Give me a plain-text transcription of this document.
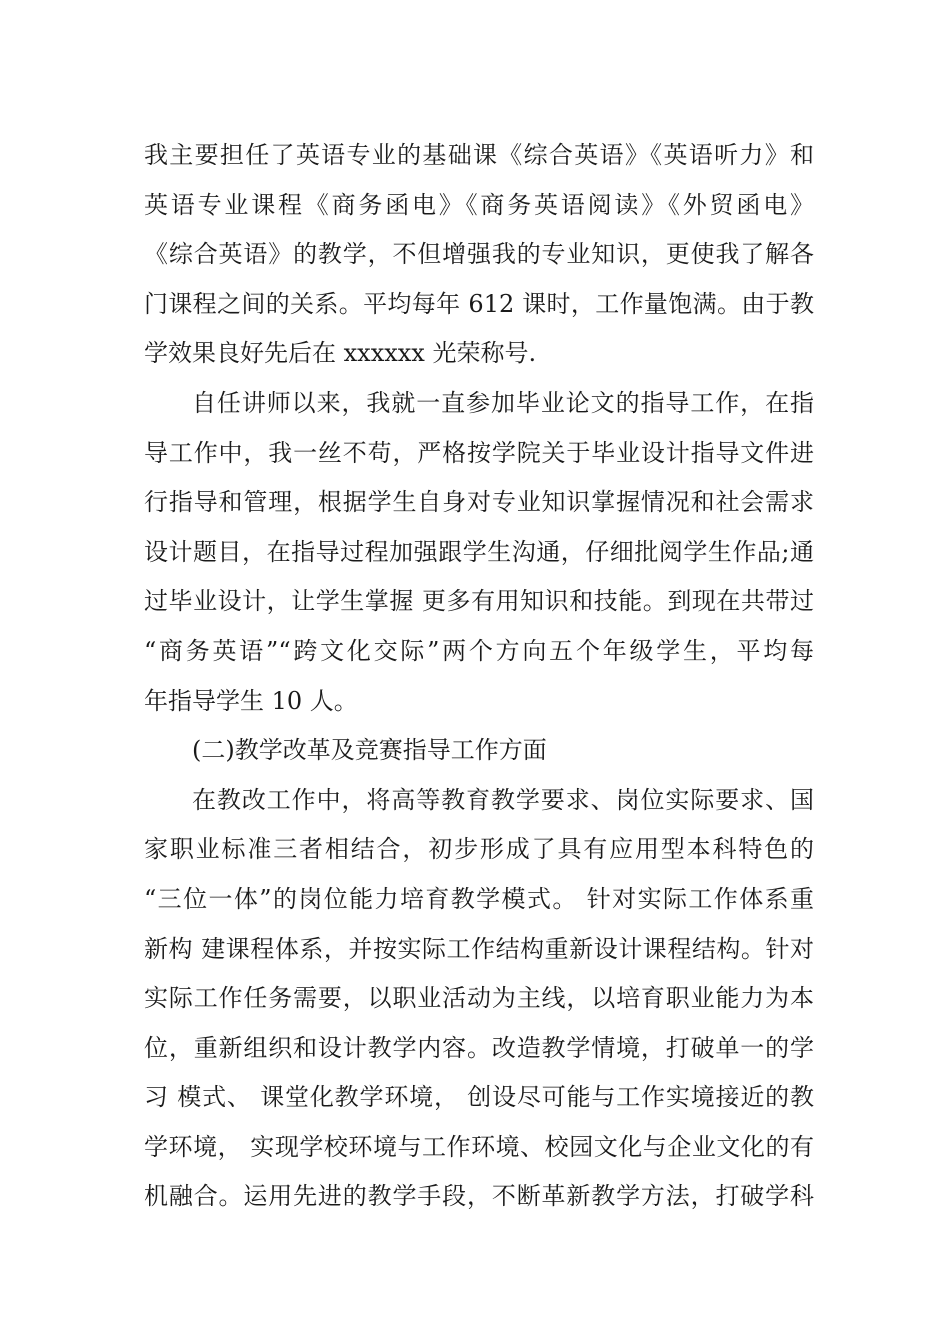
我主要担任了英语专业的基础课《综合英语》《英语听力》和
英语专业课程《商务函电》《商务英语阅读》《外贸函电》
《综合英语》的教学，不但增强我的专业知识，更使我了解各
门课程之间的关系。平均每年 612 课时，工作量饱满。由于教
学效果良好先后在 xxxxxx 光荣称号.
自任讲师以来，我就一直参加毕业论文的指导工作，在指
导工作中，我一丝不苟，严格按学院关于毕业设计指导文件进
行指导和管理，根据学生自身对专业知识掌握情况和社会需求
设计题目，在指导过程加强跟学生沟通，仔细批阅学生作品;通
过毕业设计，让学生掌握 更多有用知识和技能。到现在共带过
“商务英语”“跨文化交际”两个方向五个年级学生，平均每
年指导学生 10 人。
(二)教学改革及竞赛指导工作方面
在教改工作中，将高等教育教学要求、岗位实际要求、国
家职业标准三者相结合，初步形成了具有应用型本科特色的
“三位一体”的岗位能力培育教学模式。 针对实际工作体系重
新构 建课程体系，并按实际工作结构重新设计课程结构。针对
实际工作任务需要，以职业活动为主线，以培育职业能力为本
位，重新组织和设计教学内容。改造教学情境，打破单一的学
习 模式、 课堂化教学环境， 创设尽可能与工作实境接近的教
学环境， 实现学校环境与工作环境、校园文化与企业文化的有
机融合。运用先进的教学手段，不断革新教学方法，打破学科
